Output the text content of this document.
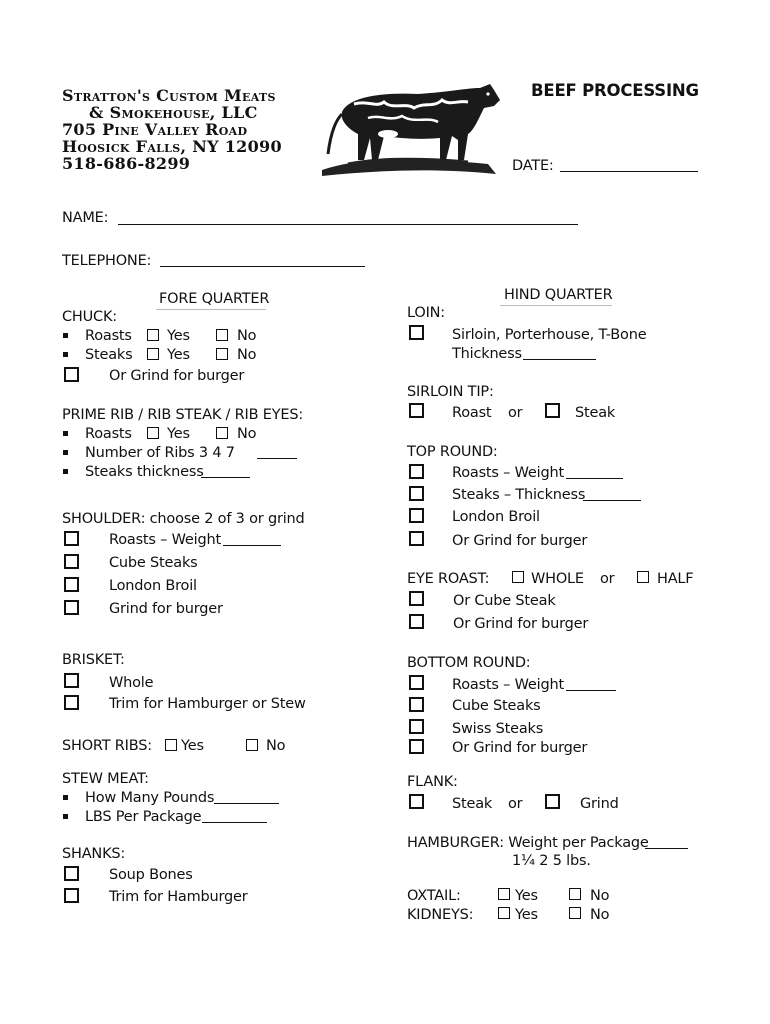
Stratton's Custom Meats
& Smokehouse, LLC
705 Pine Valley Road
Hoosick Falls, NY 12090
518-686-8299
BEEF PROCESSING
DATE:
NAME:
TELEPHONE:
FORE QUARTER
CHUCK:
Roasts Yes	No
Steaks Yes	No
Or Grind for burger
PRIME RIB / RIB STEAK / RIB EYES:
Roasts Yes	No
Number of Ribs 3 4 7
Steaks thickness
SHOULDER: choose 2 of 3 or grind
Roasts – Weight
Cube Steaks
London Broil
Grind for burger
BRISKET:
Whole
Trim for Hamburger or Stew
SHORT RIBS: Yes	No
STEW MEAT:
How Many Pounds
LBS Per Package
SHANKS:
Soup Bones
Trim for Hamburger
HIND QUARTER
LOIN:
Sirloin, Porterhouse, T-Bone
Thickness
SIRLOIN TIP:
Roast or	Steak
TOP ROUND:
Roasts – Weight
Steaks – Thickness
London Broil
Or Grind for burger
EYE ROAST:	WHOLE or	HALF
Or Cube Steak
Or Grind for burger
BOTTOM ROUND:
Roasts – Weight
Cube Steaks
Swiss Steaks
Or Grind for burger
FLANK:
Steak or	Grind
HAMBURGER: Weight per Package
1¼ 2 5 lbs.
OXTAIL:	Yes	No
KIDNEYS:	Yes	No
